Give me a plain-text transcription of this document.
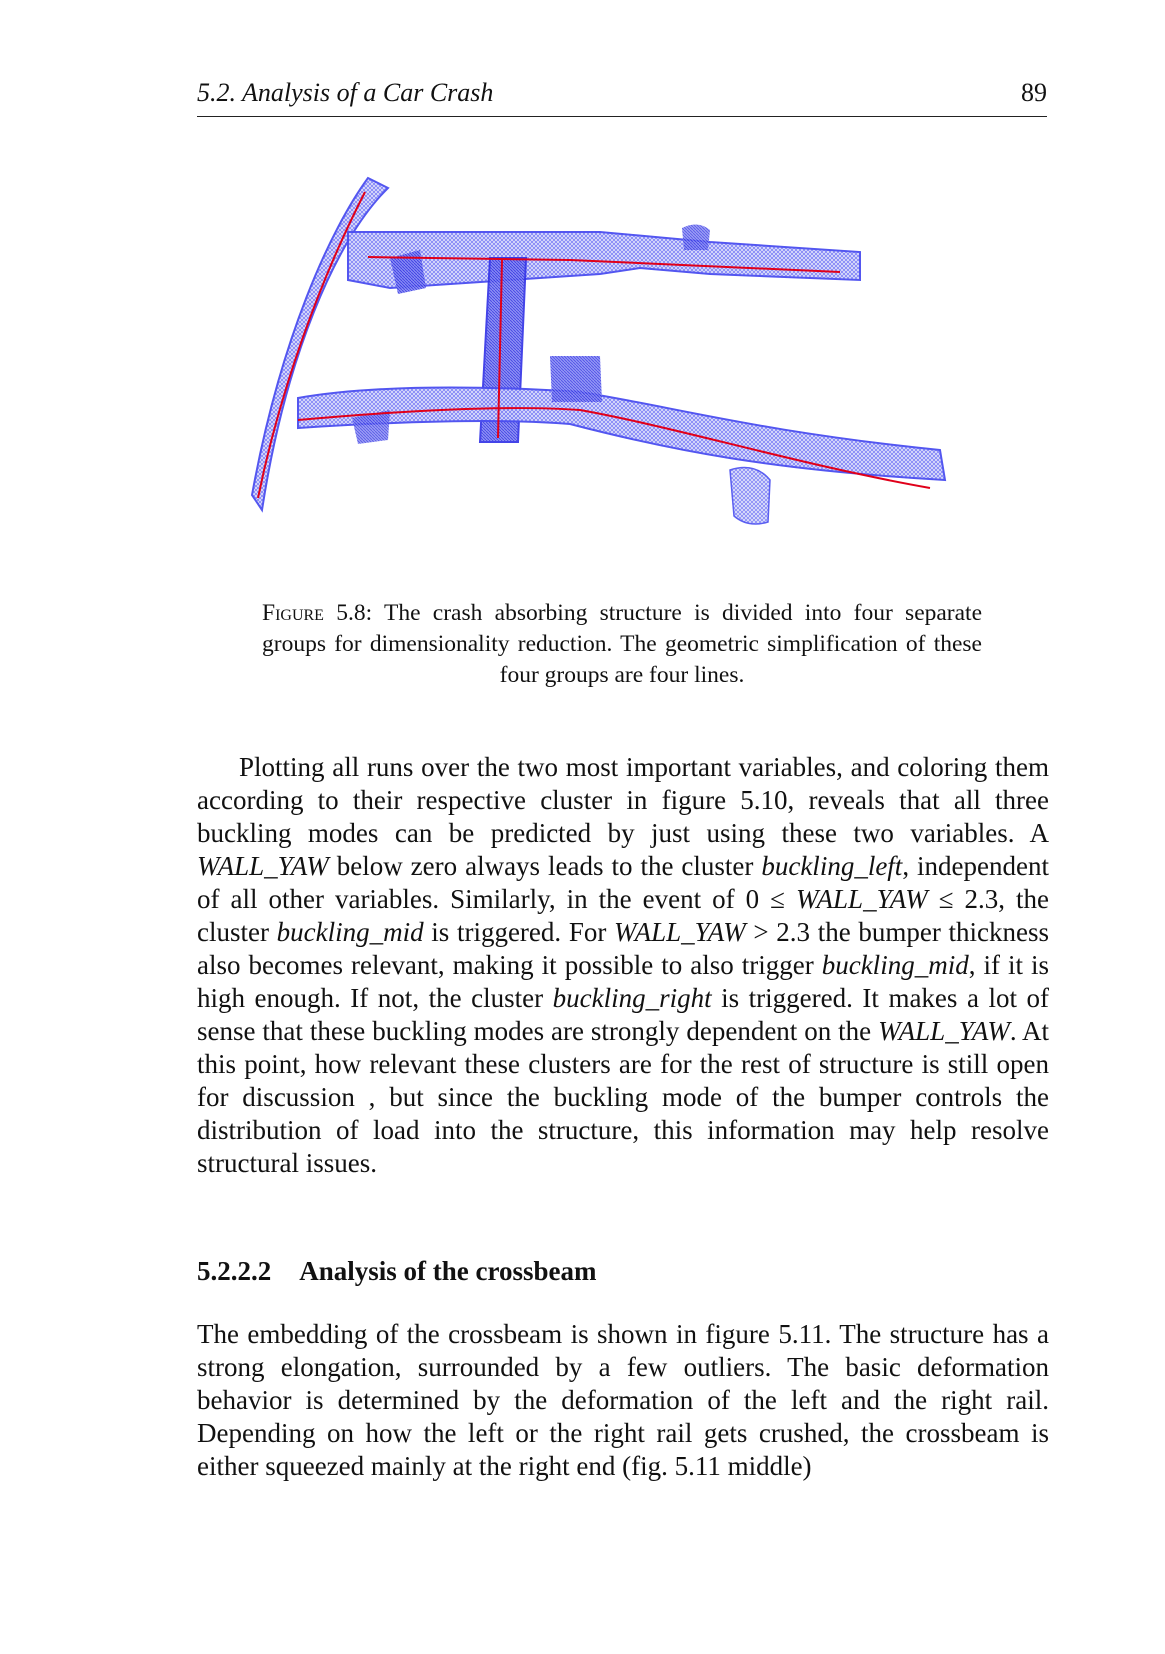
5.2. Analysis of a Car Crash	89
Figure 5.8: The crash absorbing structure is divided into four separate groups for dimensionality reduction. The geometric simplification of these four groups are four lines.
Plotting all runs over the two most important variables, and coloring them according to their respective cluster in figure 5.10, reveals that all three buckling modes can be predicted by just using these two variables. A WALL_YAW below zero always leads to the cluster buckling_left, independent of all other variables. Similarly, in the event of 0 ≤ WALL_YAW ≤ 2.3, the cluster buckling_mid is triggered. For WALL_YAW > 2.3 the bumper thickness also becomes relevant, making it possible to also trigger buckling_mid, if it is high enough. If not, the cluster buckling_right is triggered. It makes a lot of sense that these buckling modes are strongly dependent on the WALL_YAW. At this point, how relevant these clusters are for the rest of structure is still open for discussion , but since the buckling mode of the bumper controls the distribution of load into the structure, this information may help resolve structural issues.
5.2.2.2 Analysis of the crossbeam
The embedding of the crossbeam is shown in figure 5.11. The structure has a strong elongation, surrounded by a few outliers. The basic deformation behavior is determined by the deformation of the left and the right rail. Depending on how the left or the right rail gets crushed, the crossbeam is either squeezed mainly at the right end (fig. 5.11 middle)
